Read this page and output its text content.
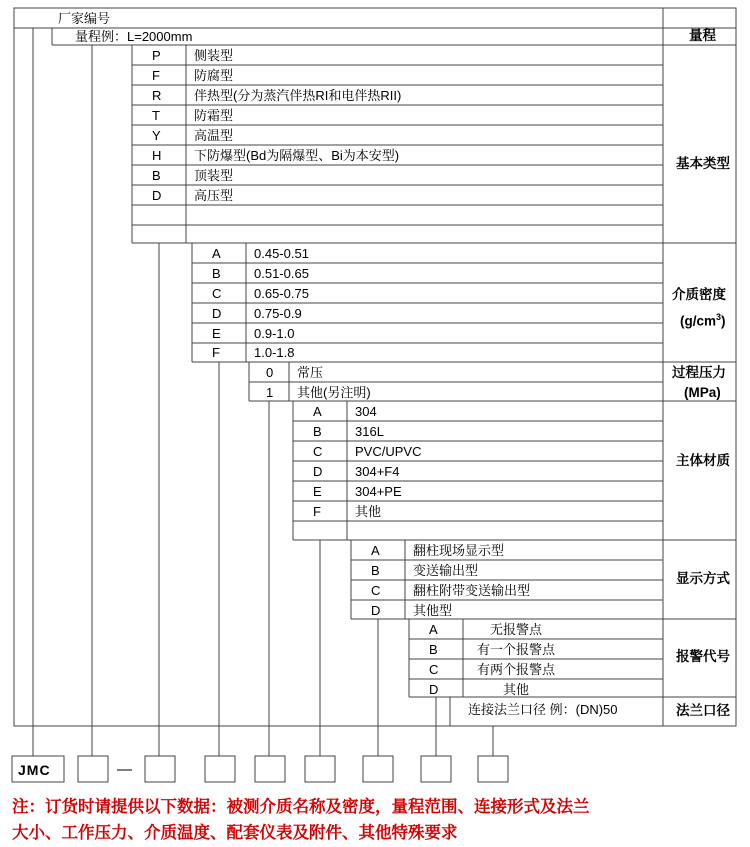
厂家编号
量程例：L=2000mm	量程
P	侧装型
F	防腐型
R	伴热型(分为蒸汽伴热RI和电伴热RII)
T	防霜型
Y	高温型
H	下防爆型(Bd为隔爆型、Bi为本安型)
B	顶装型
D	高压型
基本类型
A	0.45-0.51
B	0.51-0.65
C	0.65-0.75
D	0.75-0.9
E	0.9-1.0
F	1.0-1.8
介质密度
$(g/cm^3)$
0 常压
1 其他(另注明)
过程压力
(MPa)
A	304
B	316L
C	PVC/UPVC
D	304+F4
E	304+PE
F	其他
主体材质
A	翻柱现场显示型
B	变送输出型
C	翻柱附带变送输出型
D	其他型
显示方式
A	无报警点
B	有一个报警点
C	有两个报警点
D	其他
报警代号
连接法兰口径 例：(DN)50	法兰口径
JMC	—
注：订货时请提供以下数据：被测介质名称及密度，量程范围、连接形式及法兰
大小、工作压力、介质温度、配套仪表及附件、其他特殊要求
